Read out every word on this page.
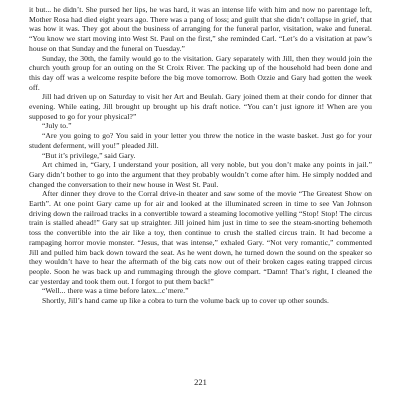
it but... he didn’t. She pursed her lips, he was hard, it was an intense life with him and now no parentage left, Mother Rosa had died eight years ago. There was a pang of loss; and guilt that she didn’t collapse in grief, that was how it was. They got about the business of arranging for the funeral parlor, visitation, wake and funeral. “You know we start moving into West St. Paul on the first,” she reminded Carl. “Let’s do a visitation at paw’s house on that Sunday and the funeral on Tuesday.”

Sunday, the 30th, the family would go to the visitation. Gary separately with Jill, then they would join the church youth group for an outing on the St Croix River. The packing up of the household had been done and this day off was a welcome respite before the big move tomorrow. Both Ozzie and Gary had gotten the week off.

Jill had driven up on Saturday to visit her Art and Beulah. Gary joined them at their condo for dinner that evening. While eating, Jill brought up brought up his draft notice. “You can’t just ignore it! When are you supposed to go for your physical?”

“July to.”

“Are you going to go? You said in your letter you threw the notice in the waste basket. Just go for your student deferment, will you!” pleaded Jill.

“But it’s privilege,” said Gary.

Art chimed in, “Gary, I understand your position, all very noble, but you don’t make any points in jail.” Gary didn’t bother to go into the argument that they probably wouldn’t come after him. He simply nodded and changed the conversation to their new house in West St. Paul.

After dinner they drove to the Corral drive-in theater and saw some of the movie “The Greatest Show on Earth”. At one point Gary came up for air and looked at the illuminated screen in time to see Van Johnson driving down the railroad tracks in a convertible toward a steaming locomotive yelling “Stop! Stop! The circus train is stalled ahead!” Gary sat up straighter. Jill joined him just in time to see the steam-snorting behemoth toss the convertible into the air like a toy, then continue to crush the stalled circus train. It had become a rampaging horror movie monster. “Jesus, that was intense,” exhaled Gary. “Not very romantic,” commented Jill and pulled him back down toward the seat. As he went down, he turned down the sound on the speaker so they wouldn’t have to hear the aftermath of the big cats now out of their broken cages eating trapped circus people. Soon he was back up and rummaging through the glove compart. “Damn! That’s right, I cleaned the car yesterday and took them out. I forgot to put them back!”

“Well... there was a time before latex...c’mere.”

Shortly, Jill’s hand came up like a cobra to turn the volume back up to cover up other sounds.

221
